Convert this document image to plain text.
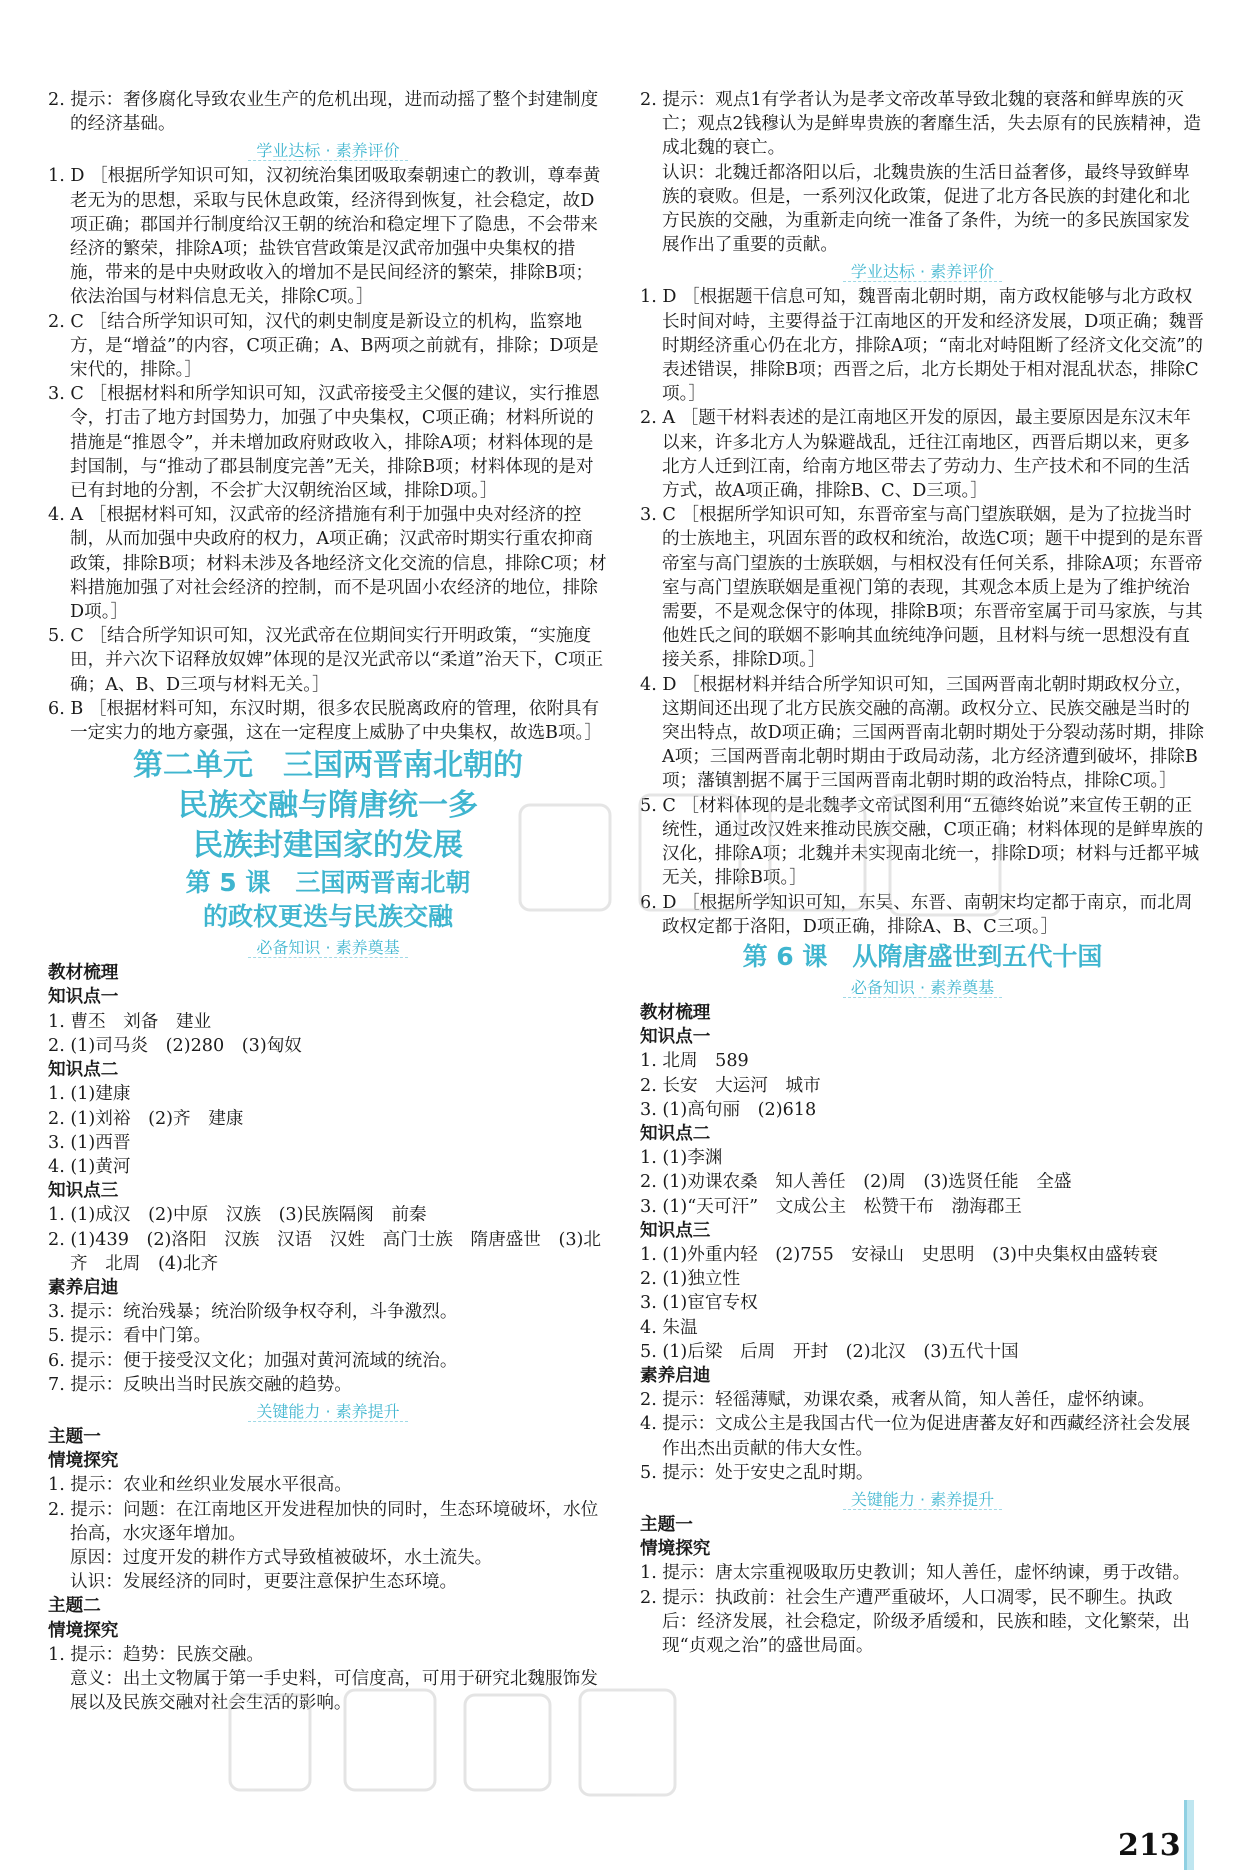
2. 提示：奢侈腐化导致农业生产的危机出现，进而动摇了整个封建制度的经济基础。

学业达标 · 素养评价

1. D ［根据所学知识可知，汉初统治集团吸取秦朝速亡的教训，尊奉黄老无为的思想，采取与民休息政策，经济得到恢复，社会稳定，故D项正确；郡国并行制度给汉王朝的统治和稳定埋下了隐患，不会带来经济的繁荣，排除A项；盐铁官营政策是汉武帝加强中央集权的措施，带来的是中央财政收入的增加不是民间经济的繁荣，排除B项；依法治国与材料信息无关，排除C项。］

2. C ［结合所学知识可知，汉代的刺史制度是新设立的机构，监察地方，是“增益”的内容，C项正确；A、B两项之前就有，排除；D项是宋代的，排除。］

3. C ［根据材料和所学知识可知，汉武帝接受主父偃的建议，实行推恩令，打击了地方封国势力，加强了中央集权，C项正确；材料所说的措施是“推恩令”，并未增加政府财政收入，排除A项；材料体现的是封国制，与“推动了郡县制度完善”无关，排除B项；材料体现的是对已有封地的分割，不会扩大汉朝统治区域，排除D项。］

4. A ［根据材料可知，汉武帝的经济措施有利于加强中央对经济的控制，从而加强中央政府的权力，A项正确；汉武帝时期实行重农抑商政策，排除B项；材料未涉及各地经济文化交流的信息，排除C项；材料措施加强了对社会经济的控制，而不是巩固小农经济的地位，排除D项。］

5. C ［结合所学知识可知，汉光武帝在位期间实行开明政策，“实施度田，并六次下诏释放奴婢”体现的是汉光武帝以“柔道”治天下，C项正确；A、B、D三项与材料无关。］

6. B ［根据材料可知，东汉时期，很多农民脱离政府的管理，依附具有一定实力的地方豪强，这在一定程度上威胁了中央集权，故选B项。］

第二单元　三国两晋南北朝的
民族交融与隋唐统一多
民族封建国家的发展
第 5 课　三国两晋南北朝
的政权更迭与民族交融
必备知识 · 素养奠基
教材梳理
知识点一

1. 曹丕　刘备　建业

2. (1)司马炎　(2)280　(3)匈奴

知识点二

1. (1)建康

2. (1)刘裕　(2)齐　建康

3. (1)西晋

4. (1)黄河

知识点三

1. (1)成汉　(2)中原　汉族　(3)民族隔阂　前秦

2. (1)439　(2)洛阳　汉族　汉语　汉姓　高门士族　隋唐盛世　(3)北齐　北周　(4)北齐

素养启迪

3. 提示：统治残暴；统治阶级争权夺利，斗争激烈。

5. 提示：看中门第。

6. 提示：便于接受汉文化；加强对黄河流域的统治。

7. 提示：反映出当时民族交融的趋势。

关键能力 · 素养提升
主题一
情境探究

1. 提示：农业和丝织业发展水平很高。

2. 提示：问题：在江南地区开发进程加快的同时，生态环境破坏，水位抬高，水灾逐年增加。

原因：过度开发的耕作方式导致植被破坏，水土流失。

认识：发展经济的同时，更要注意保护生态环境。

主题二
情境探究

1. 提示：趋势：民族交融。

意义：出土文物属于第一手史料，可信度高，可用于研究北魏服饰发展以及民族交融对社会生活的影响。

2. 提示：观点1有学者认为是孝文帝改革导致北魏的衰落和鲜卑族的灭亡；观点2钱穆认为是鲜卑贵族的奢靡生活，失去原有的民族精神，造成北魏的衰亡。

认识：北魏迁都洛阳以后，北魏贵族的生活日益奢侈，最终导致鲜卑族的衰败。但是，一系列汉化政策，促进了北方各民族的封建化和北方民族的交融，为重新走向统一准备了条件，为统一的多民族国家发展作出了重要的贡献。

学业达标 · 素养评价

1. D ［根据题干信息可知，魏晋南北朝时期，南方政权能够与北方政权长时间对峙，主要得益于江南地区的开发和经济发展，D项正确；魏晋时期经济重心仍在北方，排除A项；“南北对峙阻断了经济文化交流”的表述错误，排除B项；西晋之后，北方长期处于相对混乱状态，排除C项。］

2. A ［题干材料表述的是江南地区开发的原因，最主要原因是东汉末年以来，许多北方人为躲避战乱，迁往江南地区，西晋后期以来，更多北方人迁到江南，给南方地区带去了劳动力、生产技术和不同的生活方式，故A项正确，排除B、C、D三项。］

3. C ［根据所学知识可知，东晋帝室与高门望族联姻，是为了拉拢当时的士族地主，巩固东晋的政权和统治，故选C项；题干中提到的是东晋帝室与高门望族的士族联姻，与相权没有任何关系，排除A项；东晋帝室与高门望族联姻是重视门第的表现，其观念本质上是为了维护统治需要，不是观念保守的体现，排除B项；东晋帝室属于司马家族，与其他姓氏之间的联姻不影响其血统纯净问题，且材料与统一思想没有直接关系，排除D项。］

4. D ［根据材料并结合所学知识可知，三国两晋南北朝时期政权分立，这期间还出现了北方民族交融的高潮。政权分立、民族交融是当时的突出特点，故D项正确；三国两晋南北朝时期处于分裂动荡时期，排除A项；三国两晋南北朝时期由于政局动荡，北方经济遭到破坏，排除B项；藩镇割据不属于三国两晋南北朝时期的政治特点，排除C项。］

5. C ［材料体现的是北魏孝文帝试图利用“五德终始说”来宣传王朝的正统性，通过改汉姓来推动民族交融，C项正确；材料体现的是鲜卑族的汉化，排除A项；北魏并未实现南北统一，排除D项；材料与迁都平城无关，排除B项。］

6. D ［根据所学知识可知，东吴、东晋、南朝宋均定都于南京，而北周政权定都于洛阳，D项正确，排除A、B、C三项。］

第 6 课　从隋唐盛世到五代十国
必备知识 · 素养奠基
教材梳理
知识点一

1. 北周　589

2. 长安　大运河　城市

3. (1)高句丽　(2)618

知识点二

1. (1)李渊

2. (1)劝课农桑　知人善任　(2)周　(3)选贤任能　全盛

3. (1)“天可汗”　文成公主　松赞干布　渤海郡王

知识点三

1. (1)外重内轻　(2)755　安禄山　史思明　(3)中央集权由盛转衰

2. (1)独立性

3. (1)宦官专权

4. 朱温

5. (1)后梁　后周　开封　(2)北汉　(3)五代十国

素养启迪

2. 提示：轻徭薄赋，劝课农桑，戒奢从简，知人善任，虚怀纳谏。

4. 提示：文成公主是我国古代一位为促进唐蕃友好和西藏经济社会发展作出杰出贡献的伟大女性。

5. 提示：处于安史之乱时期。

关键能力 · 素养提升
主题一
情境探究

1. 提示：唐太宗重视吸取历史教训；知人善任，虚怀纳谏，勇于改错。

2. 提示：执政前：社会生产遭严重破坏，人口凋零，民不聊生。执政后：经济发展，社会稳定，阶级矛盾缓和，民族和睦，文化繁荣，出现“贞观之治”的盛世局面。

213
